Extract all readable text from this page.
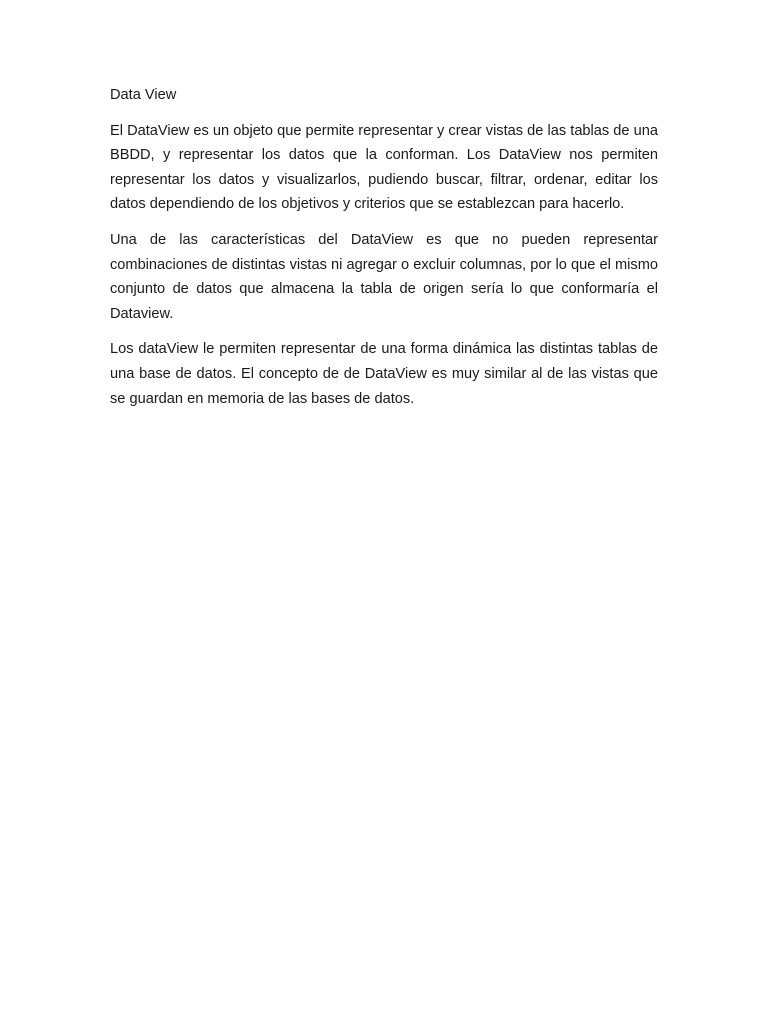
Data View

El DataView es un objeto que permite representar y crear vistas de las tablas de una BBDD, y representar los datos que la conforman. Los DataView nos permiten representar los datos y visualizarlos, pudiendo buscar, filtrar, ordenar, editar los datos dependiendo de los objetivos y criterios que se establezcan para hacerlo.

Una de las características del DataView es que no pueden representar combinaciones de distintas vistas ni agregar o excluir columnas, por lo que el mismo conjunto de datos que almacena la tabla de origen sería lo que conformaría el Dataview.

Los dataView le permiten representar de una forma dinámica las distintas tablas de una base de datos. El concepto de de DataView es muy similar al de las vistas que se guardan en memoria de las bases de datos.
